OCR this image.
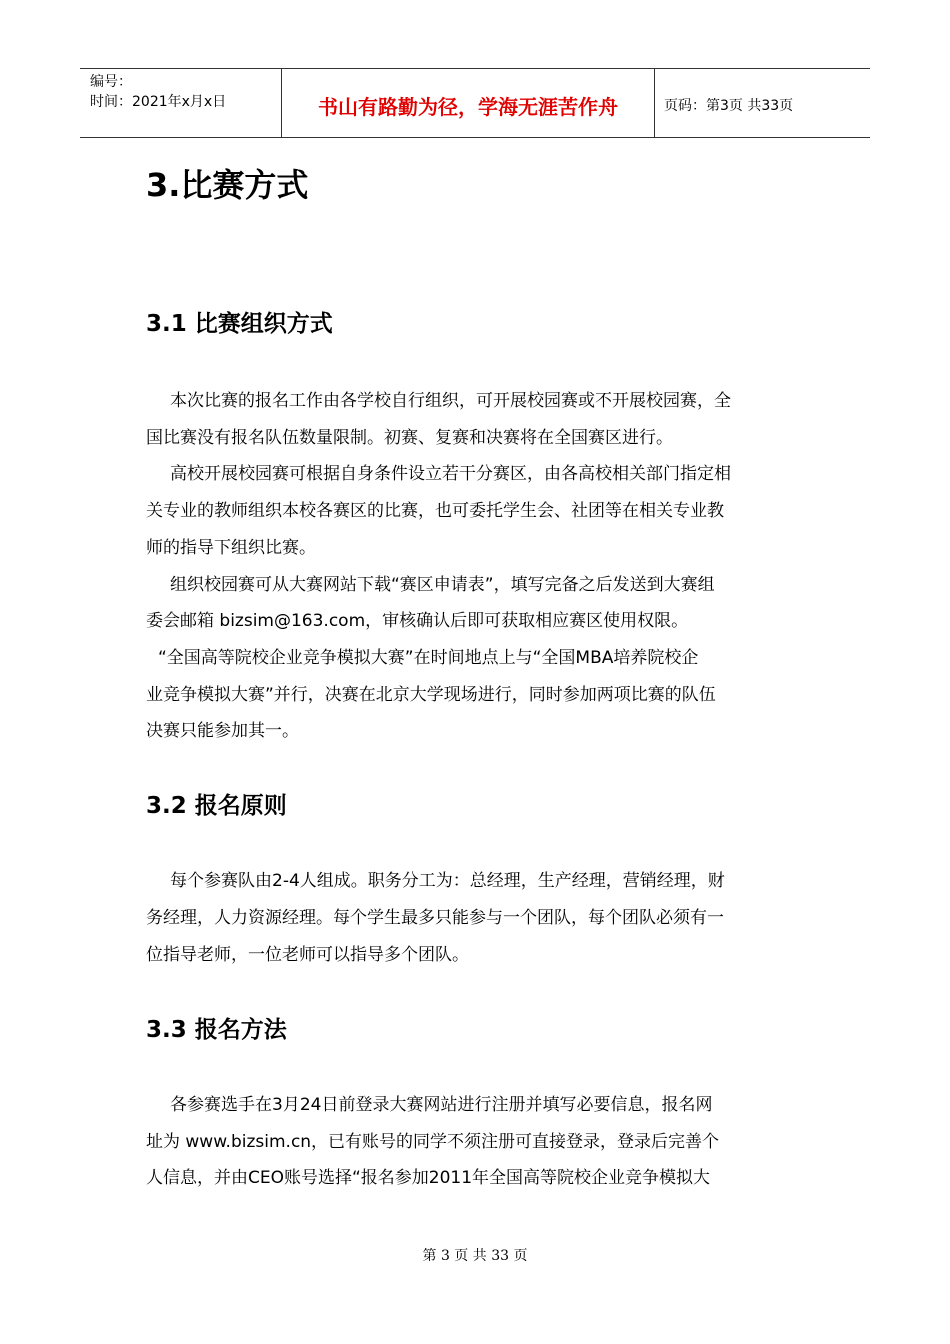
编号：
时间：2021年x月x日	书山有路勤为径，学海无涯苦作舟	页码：第3页 共33页
3.比赛方式
3.1 比赛组织方式
本次比赛的报名工作由各学校自行组织，可开展校园赛或不开展校园赛，全
国比赛没有报名队伍数量限制。初赛、复赛和决赛将在全国赛区进行。
高校开展校园赛可根据自身条件设立若干分赛区，由各高校相关部门指定相
关专业的教师组织本校各赛区的比赛，也可委托学生会、社团等在相关专业教
师的指导下组织比赛。
组织校园赛可从大赛网站下载“赛区申请表”，填写完备之后发送到大赛组
委会邮箱 bizsim@163.com，审核确认后即可获取相应赛区使用权限。
“全国高等院校企业竞争模拟大赛”在时间地点上与“全国MBA培养院校企
业竞争模拟大赛”并行，决赛在北京大学现场进行，同时参加两项比赛的队伍
决赛只能参加其一。
3.2 报名原则
每个参赛队由2-4人组成。职务分工为：总经理，生产经理，营销经理，财
务经理，人力资源经理。每个学生最多只能参与一个团队，每个团队必须有一
位指导老师，一位老师可以指导多个团队。
3.3 报名方法
各参赛选手在3月24日前登录大赛网站进行注册并填写必要信息，报名网
址为 www.bizsim.cn，已有账号的同学不须注册可直接登录，登录后完善个
人信息，并由CEO账号选择“报名参加2011年全国高等院校企业竞争模拟大
第 3 页 共 33 页
